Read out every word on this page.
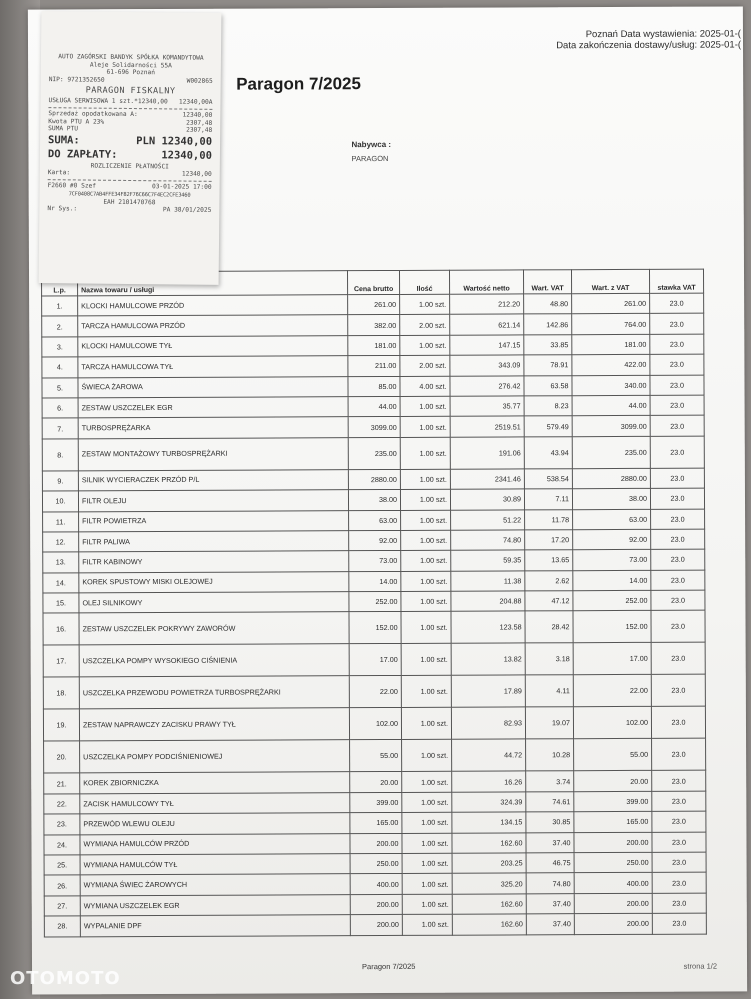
Poznań Data wystawienia: 2025-01-(
Data zakończenia dostawy/usług: 2025-01-(
Paragon 7/2025
Nabywca :
PARAGON
L.p.	Nazwa towaru / usługi	Cena brutto	Ilość	Wartość netto	Wart. VAT	Wart. z VAT	stawka VAT
1.	KLOCKI HAMULCOWE PRZÓD	261.00	1.00 szt.	212.20	48.80	261.00	23.0
2.	TARCZA HAMULCOWA PRZÓD	382.00	2.00 szt.	621.14	142.86	764.00	23.0
3.	KLOCKI HAMULCOWE TYŁ	181.00	1.00 szt.	147.15	33.85	181.00	23.0
4.	TARCZA HAMULCOWA TYŁ	211.00	2.00 szt.	343.09	78.91	422.00	23.0
5.	ŚWIECA ŻAROWA	85.00	4.00 szt.	276.42	63.58	340.00	23.0
6.	ZESTAW USZCZELEK EGR	44.00	1.00 szt.	35.77	8.23	44.00	23.0
7.	TURBOSPRĘŻARKA	3099.00	1.00 szt.	2519.51	579.49	3099.00	23.0
8.	ZESTAW MONTAŻOWY TURBOSPRĘŻARKI	235.00	1.00 szt.	191.06	43.94	235.00	23.0
9.	SILNIK WYCIERACZEK PRZÓD P/L	2880.00	1.00 szt.	2341.46	538.54	2880.00	23.0
10.	FILTR OLEJU	38.00	1.00 szt.	30.89	7.11	38.00	23.0
11.	FILTR POWIETRZA	63.00	1.00 szt.	51.22	11.78	63.00	23.0
12.	FILTR PALIWA	92.00	1.00 szt.	74.80	17.20	92.00	23.0
13.	FILTR KABINOWY	73.00	1.00 szt.	59.35	13.65	73.00	23.0
14.	KOREK SPUSTOWY MISKI OLEJOWEJ	14.00	1.00 szt.	11.38	2.62	14.00	23.0
15.	OLEJ SILNIKOWY	252.00	1.00 szt.	204.88	47.12	252.00	23.0
16.	ZESTAW USZCZELEK POKRYWY ZAWORÓW	152.00	1.00 szt.	123.58	28.42	152.00	23.0
17.	USZCZELKA POMPY WYSOKIEGO CIŚNIENIA	17.00	1.00 szt.	13.82	3.18	17.00	23.0
18.	USZCZELKA PRZEWODU POWIETRZA TURBOSPRĘŻARKI	22.00	1.00 szt.	17.89	4.11	22.00	23.0
19.	ZESTAW NAPRAWCZY ZACISKU PRAWY TYŁ	102.00	1.00 szt.	82.93	19.07	102.00	23.0
20.	USZCZELKA POMPY PODCIŚNIENIOWEJ	55.00	1.00 szt.	44.72	10.28	55.00	23.0
21.	KOREK ZBIORNICZKA	20.00	1.00 szt.	16.26	3.74	20.00	23.0
22.	ZACISK HAMULCOWY TYŁ	399.00	1.00 szt.	324.39	74.61	399.00	23.0
23.	PRZEWÓD WLEWU OLEJU	165.00	1.00 szt.	134.15	30.85	165.00	23.0
24.	WYMIANA HAMULCÓW PRZÓD	200.00	1.00 szt.	162.60	37.40	200.00	23.0
25.	WYMIANA HAMULCÓW TYŁ	250.00	1.00 szt.	203.25	46.75	250.00	23.0
26.	WYMIANA ŚWIEC ŻAROWYCH	400.00	1.00 szt.	325.20	74.80	400.00	23.0
27.	WYMIANA USZCZELEK EGR	200.00	1.00 szt.	162.60	37.40	200.00	23.0
28.	WYPALANIE DPF	200.00	1.00 szt.	162.60	37.40	200.00	23.0
Paragon 7/2025	strona 1/2
AUTO ZAGÓRSKI BANDYK SPÓŁKA KOMANDYTOWA
Aleje Solidarności 55A
61-696 Poznań
NIP: 9721352650	W002865
PARAGON FISKALNY
USŁUGA SERWISOWA 1 szt.*12340,00 12340,00A
Sprzedaż opodatkowana A:	12340,00
Kwota PTU A 23%	2307,48
SUMA PTU	2307,48
SUMA:	PLN 12340,00
DO ZAPŁATY:	12340,00
ROZLICZENIE PŁATNOŚCI
Karta:	12340,00
F2660 #0 Szef	03-01-2025 17:00
7CF0408C7AB4FFE34F82F76C66C7F4EC2CFE3460
EAH 2101470768
Nr Sys.:	PA 38/01/2025
OTOMOTO
